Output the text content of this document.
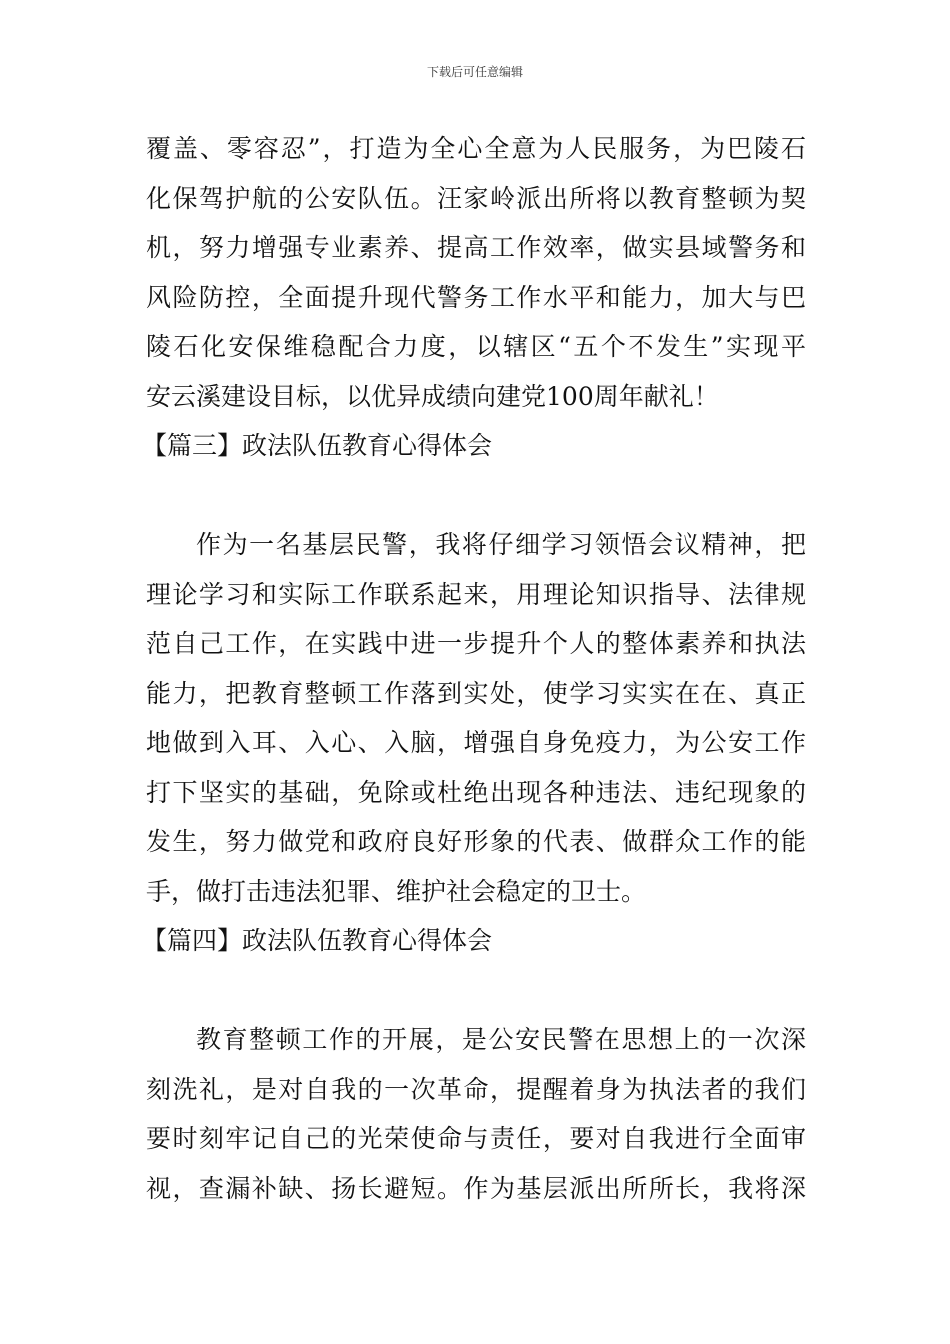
下载后可任意编辑
覆盖、零容忍”，打造为全心全意为人民服务，为巴陵石
化保驾护航的公安队伍。汪家岭派出所将以教育整顿为契
机，努力增强专业素养、提高工作效率，做实县域警务和
风险防控，全面提升现代警务工作水平和能力，加大与巴
陵石化安保维稳配合力度，以辖区“五个不发生”实现平
安云溪建设目标，以优异成绩向建党100周年献礼！
【篇三】政法队伍教育心得体会
作为一名基层民警，我将仔细学习领悟会议精神，把
理论学习和实际工作联系起来，用理论知识指导、法律规
范自己工作，在实践中进一步提升个人的整体素养和执法
能力，把教育整顿工作落到实处，使学习实实在在、真正
地做到入耳、入心、入脑，增强自身免疫力，为公安工作
打下坚实的基础，免除或杜绝出现各种违法、违纪现象的
发生，努力做党和政府良好形象的代表、做群众工作的能
手，做打击违法犯罪、维护社会稳定的卫士。
【篇四】政法队伍教育心得体会
教育整顿工作的开展，是公安民警在思想上的一次深
刻洗礼，是对自我的一次革命，提醒着身为执法者的我们
要时刻牢记自己的光荣使命与责任，要对自我进行全面审
视，查漏补缺、扬长避短。作为基层派出所所长，我将深
